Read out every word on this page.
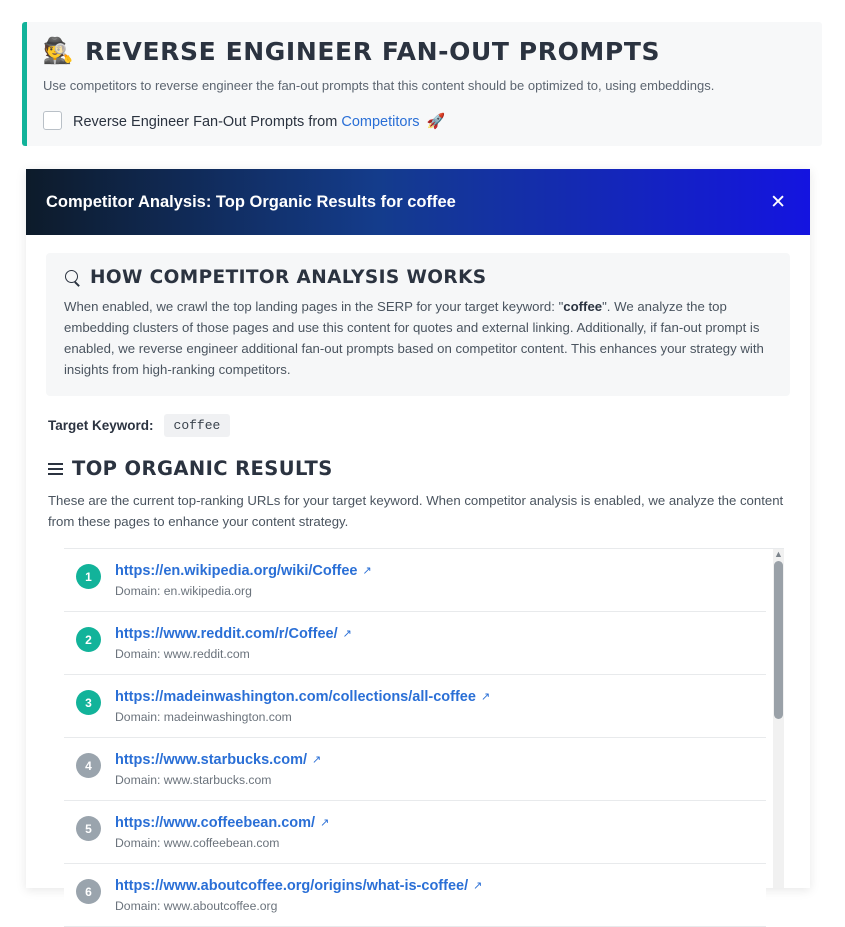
🕵 REVERSE ENGINEER FAN-OUT PROMPTS
Use competitors to reverse engineer the fan-out prompts that this content should be optimized to, using embeddings.
Reverse Engineer Fan-Out Prompts from Competitors 🚀
Competitor Analysis: Top Organic Results for coffee	✕
HOW COMPETITOR ANALYSIS WORKS
When enabled, we crawl the top landing pages in the SERP for your target keyword: "coffee". We analyze the top embedding clusters of those pages and use this content for quotes and external linking. Additionally, if fan-out prompt is enabled, we reverse engineer additional fan-out prompts based on competitor content. This enhances your strategy with insights from high-ranking competitors.
Target Keyword:	coffee
TOP ORGANIC RESULTS
These are the current top-ranking URLs for your target keyword. When competitor analysis is enabled, we analyze the content from these pages to enhance your content strategy.
1	https://en.wikipedia.org/wiki/Coffee ↗
Domain: en.wikipedia.org
2	https://www.reddit.com/r/Coffee/ ↗
Domain: www.reddit.com
3	https://madeinwashington.com/collections/all-coffee ↗
Domain: madeinwashington.com
4	https://www.starbucks.com/ ↗
Domain: www.starbucks.com
5	https://www.coffeebean.com/ ↗
Domain: www.coffeebean.com
6	https://www.aboutcoffee.org/origins/what-is-coffee/ ↗
Domain: www.aboutcoffee.org
▲
